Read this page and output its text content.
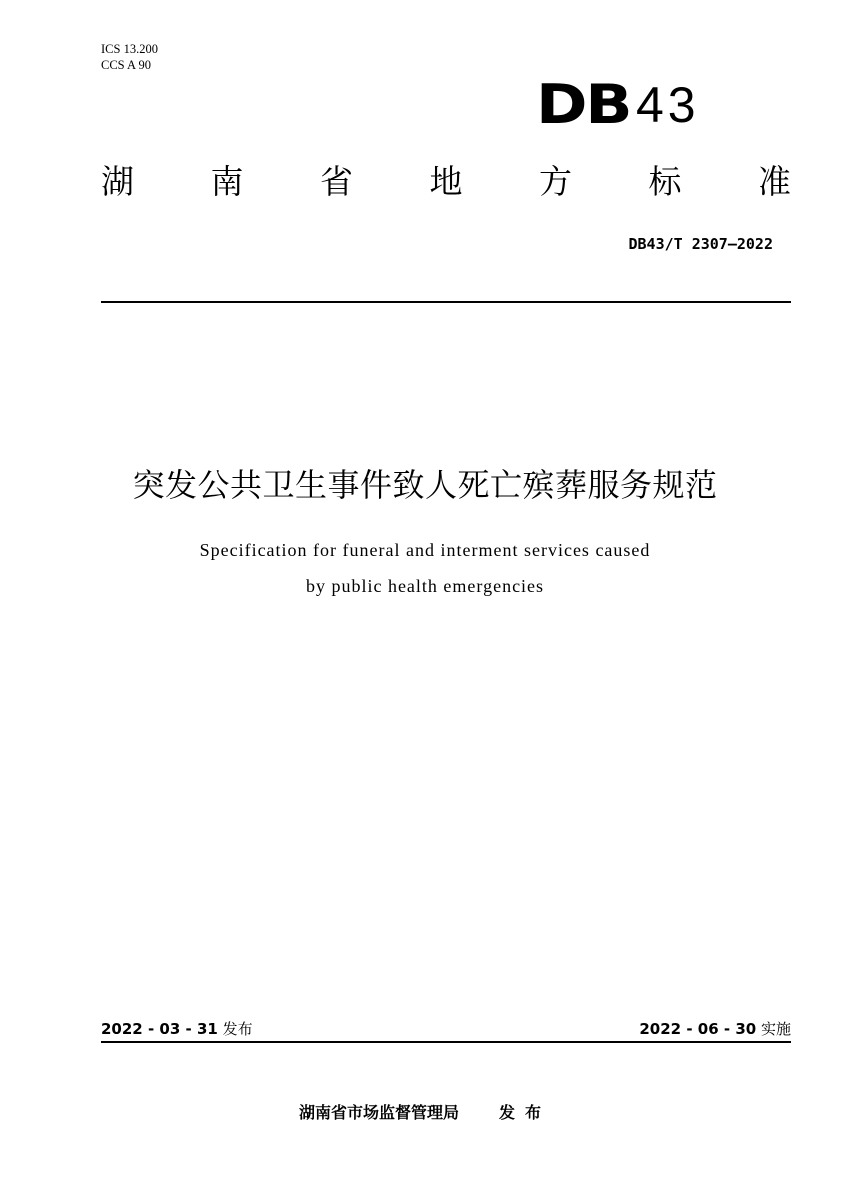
ICS 13.200
CCS A 90
DB 43
湖 南 省 地 方 标 准
DB43/T 2307—2022
突发公共卫生事件致人死亡殡葬服务规范
Specification for funeral and interment services caused
by public health emergencies
2022 - 03 - 31 发布	2022 - 06 - 30 实施
湖南省市场监督管理局	发布
